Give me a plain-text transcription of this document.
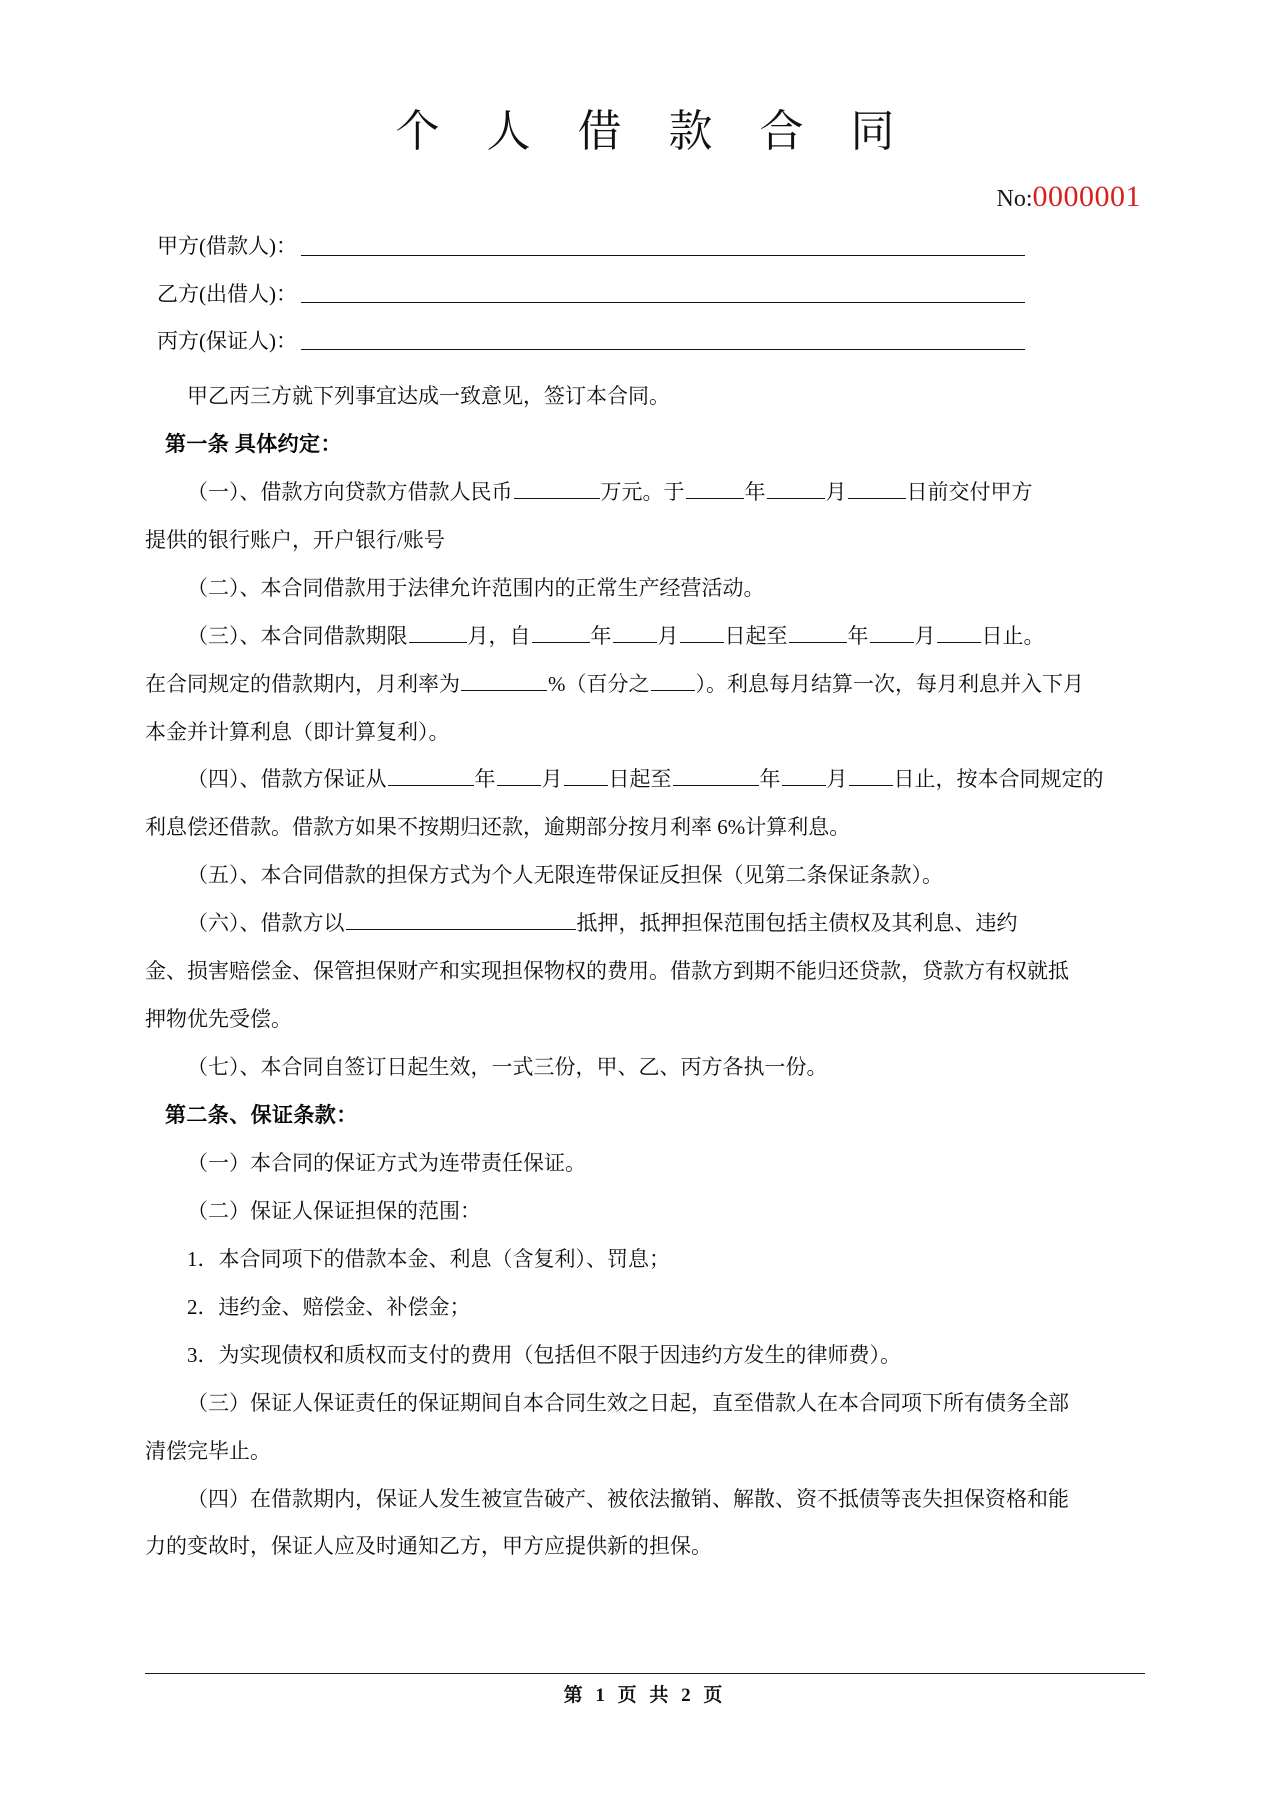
个 人 借 款 合 同
No:0000001
甲方(借款人)：
乙方(出借人)：
丙方(保证人)：

甲乙丙三方就下列事宜达成一致意见，签订本合同。

第一条 具体约定：

（一）、借款方向贷款方借款人民币	万元。于	年	月	日前交付甲方

提供的银行账户，开户银行/账号

（二）、本合同借款用于法律允许范围内的正常生产经营活动。

（三）、本合同借款期限	月，自	年 月 日起至	年 月 日止。

在合同规定的借款期内，月利率为	%（百分之 ）。利息每月结算一次，每月利息并入下月

本金并计算利息（即计算复利）。

（四）、借款方保证从	年 月 日起至	年 月 日止，按本合同规定的

利息偿还借款。借款方如果不按期归还款，逾期部分按月利率 6%计算利息。

（五）、本合同借款的担保方式为个人无限连带保证反担保（见第二条保证条款）。

（六）、借款方以	抵押，抵押担保范围包括主债权及其利息、违约

金、损害赔偿金、保管担保财产和实现担保物权的费用。借款方到期不能归还贷款，贷款方有权就抵

押物优先受偿。

（七）、本合同自签订日起生效，一式三份，甲、乙、丙方各执一份。

第二条、保证条款：

（一）本合同的保证方式为连带责任保证。

（二）保证人保证担保的范围：

1．本合同项下的借款本金、利息（含复利）、罚息；

2．违约金、赔偿金、补偿金；

3．为实现债权和质权而支付的费用（包括但不限于因违约方发生的律师费）。

（三）保证人保证责任的保证期间自本合同生效之日起，直至借款人在本合同项下所有债务全部

清偿完毕止。

（四）在借款期内，保证人发生被宣告破产、被依法撤销、解散、资不抵债等丧失担保资格和能

力的变故时，保证人应及时通知乙方，甲方应提供新的担保。

第 1 页 共 2 页
